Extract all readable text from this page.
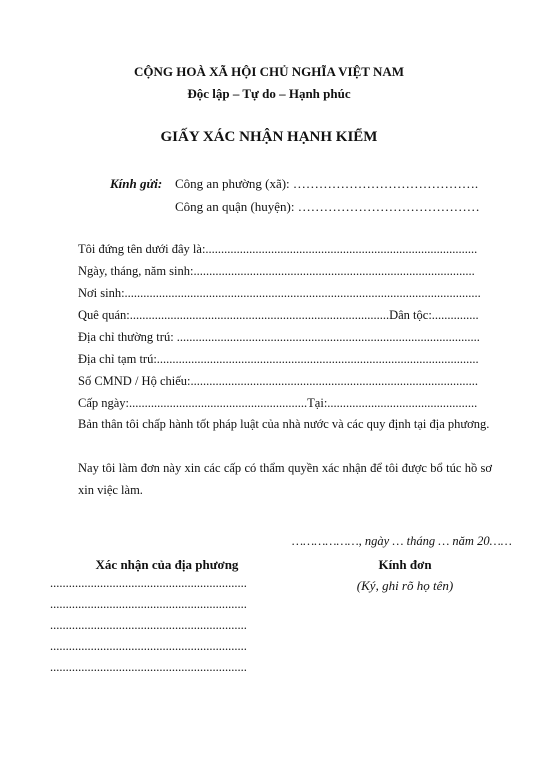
CỘNG HOÀ XÃ HỘI CHỦ NGHĨA VIỆT NAM
Độc lập – Tự do – Hạnh phúc
GIẤY XÁC NHẬN HẠNH KIỂM
Kính gửi: Công an phường (xã): …………………………………….
Công an quận (huyện): ……………………………………
Tôi đứng tên dưới đây là:.......................................................................................
Ngày, tháng, năm sinh:..........................................................................................
Nơi sinh:..................................................................................................................
Quê quán:...................................................................................Dân tộc:...............
Địa chỉ thường trú: .................................................................................................
Địa chỉ tạm trú:.......................................................................................................
Số CMND / Hộ chiếu:............................................................................................
Cấp ngày:.........................................................Tại:................................................
Bản thân tôi chấp hành tốt pháp luật của nhà nước và các quy định tại địa phương.
Nay tôi làm đơn này xin các cấp có thẩm quyền xác nhận để tôi được bổ túc hồ sơ xin việc làm.
………………, ngày … tháng … năm 20……
Xác nhận của địa phương
...............................................................
...............................................................
...............................................................
...............................................................
...............................................................
Kính đơn
(Ký, ghi rõ họ tên)
